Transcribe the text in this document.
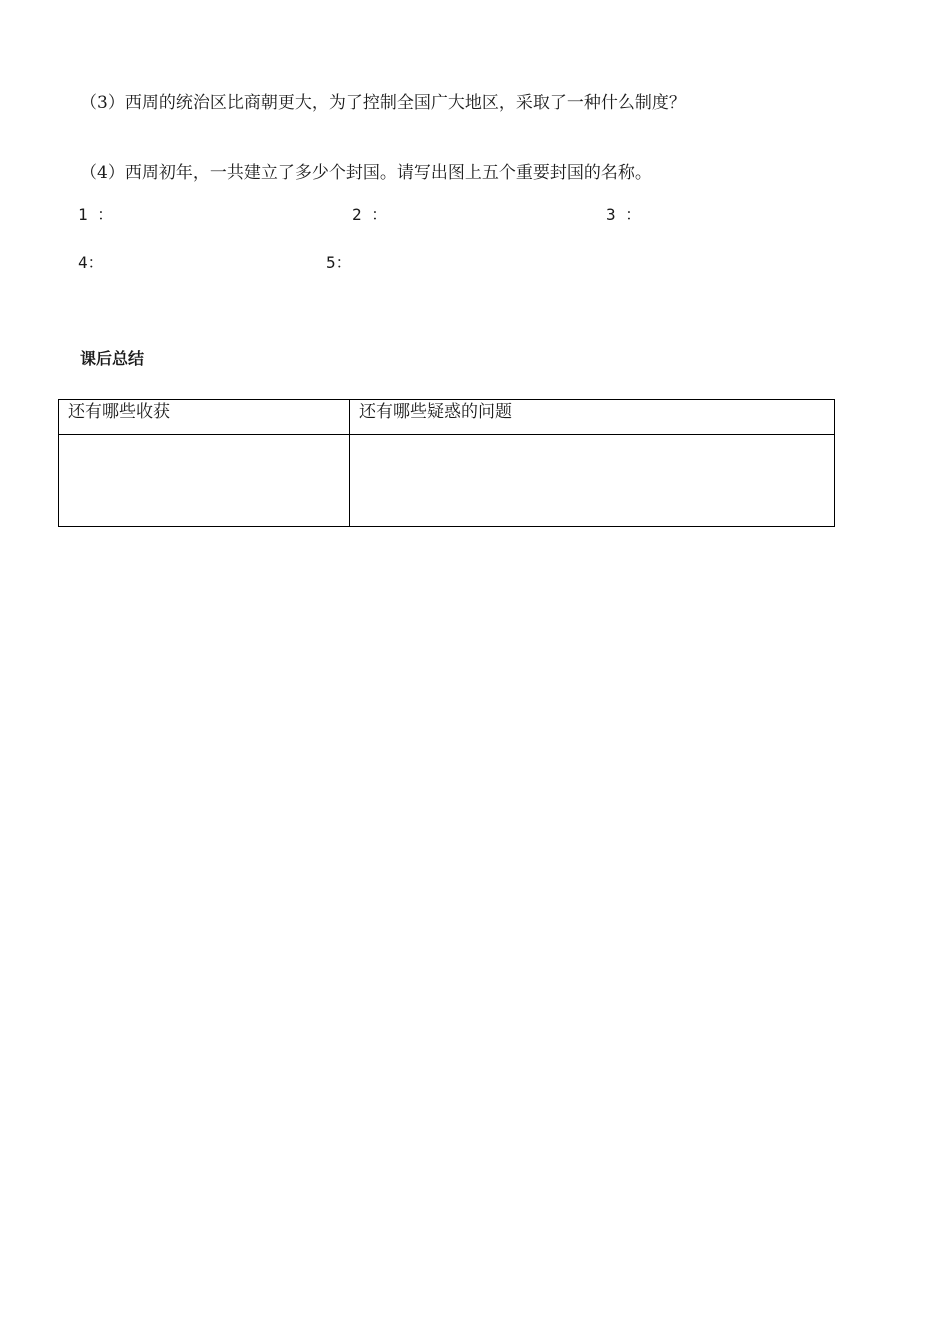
（3）西周的统治区比商朝更大，为了控制全国广大地区，采取了一种什么制度？
（4）西周初年，一共建立了多少个封国。请写出图上五个重要封国的名称。
1 ：	2 ：	3 ：
4：	5：
课后总结
还有哪些收获	还有哪些疑惑的问题
